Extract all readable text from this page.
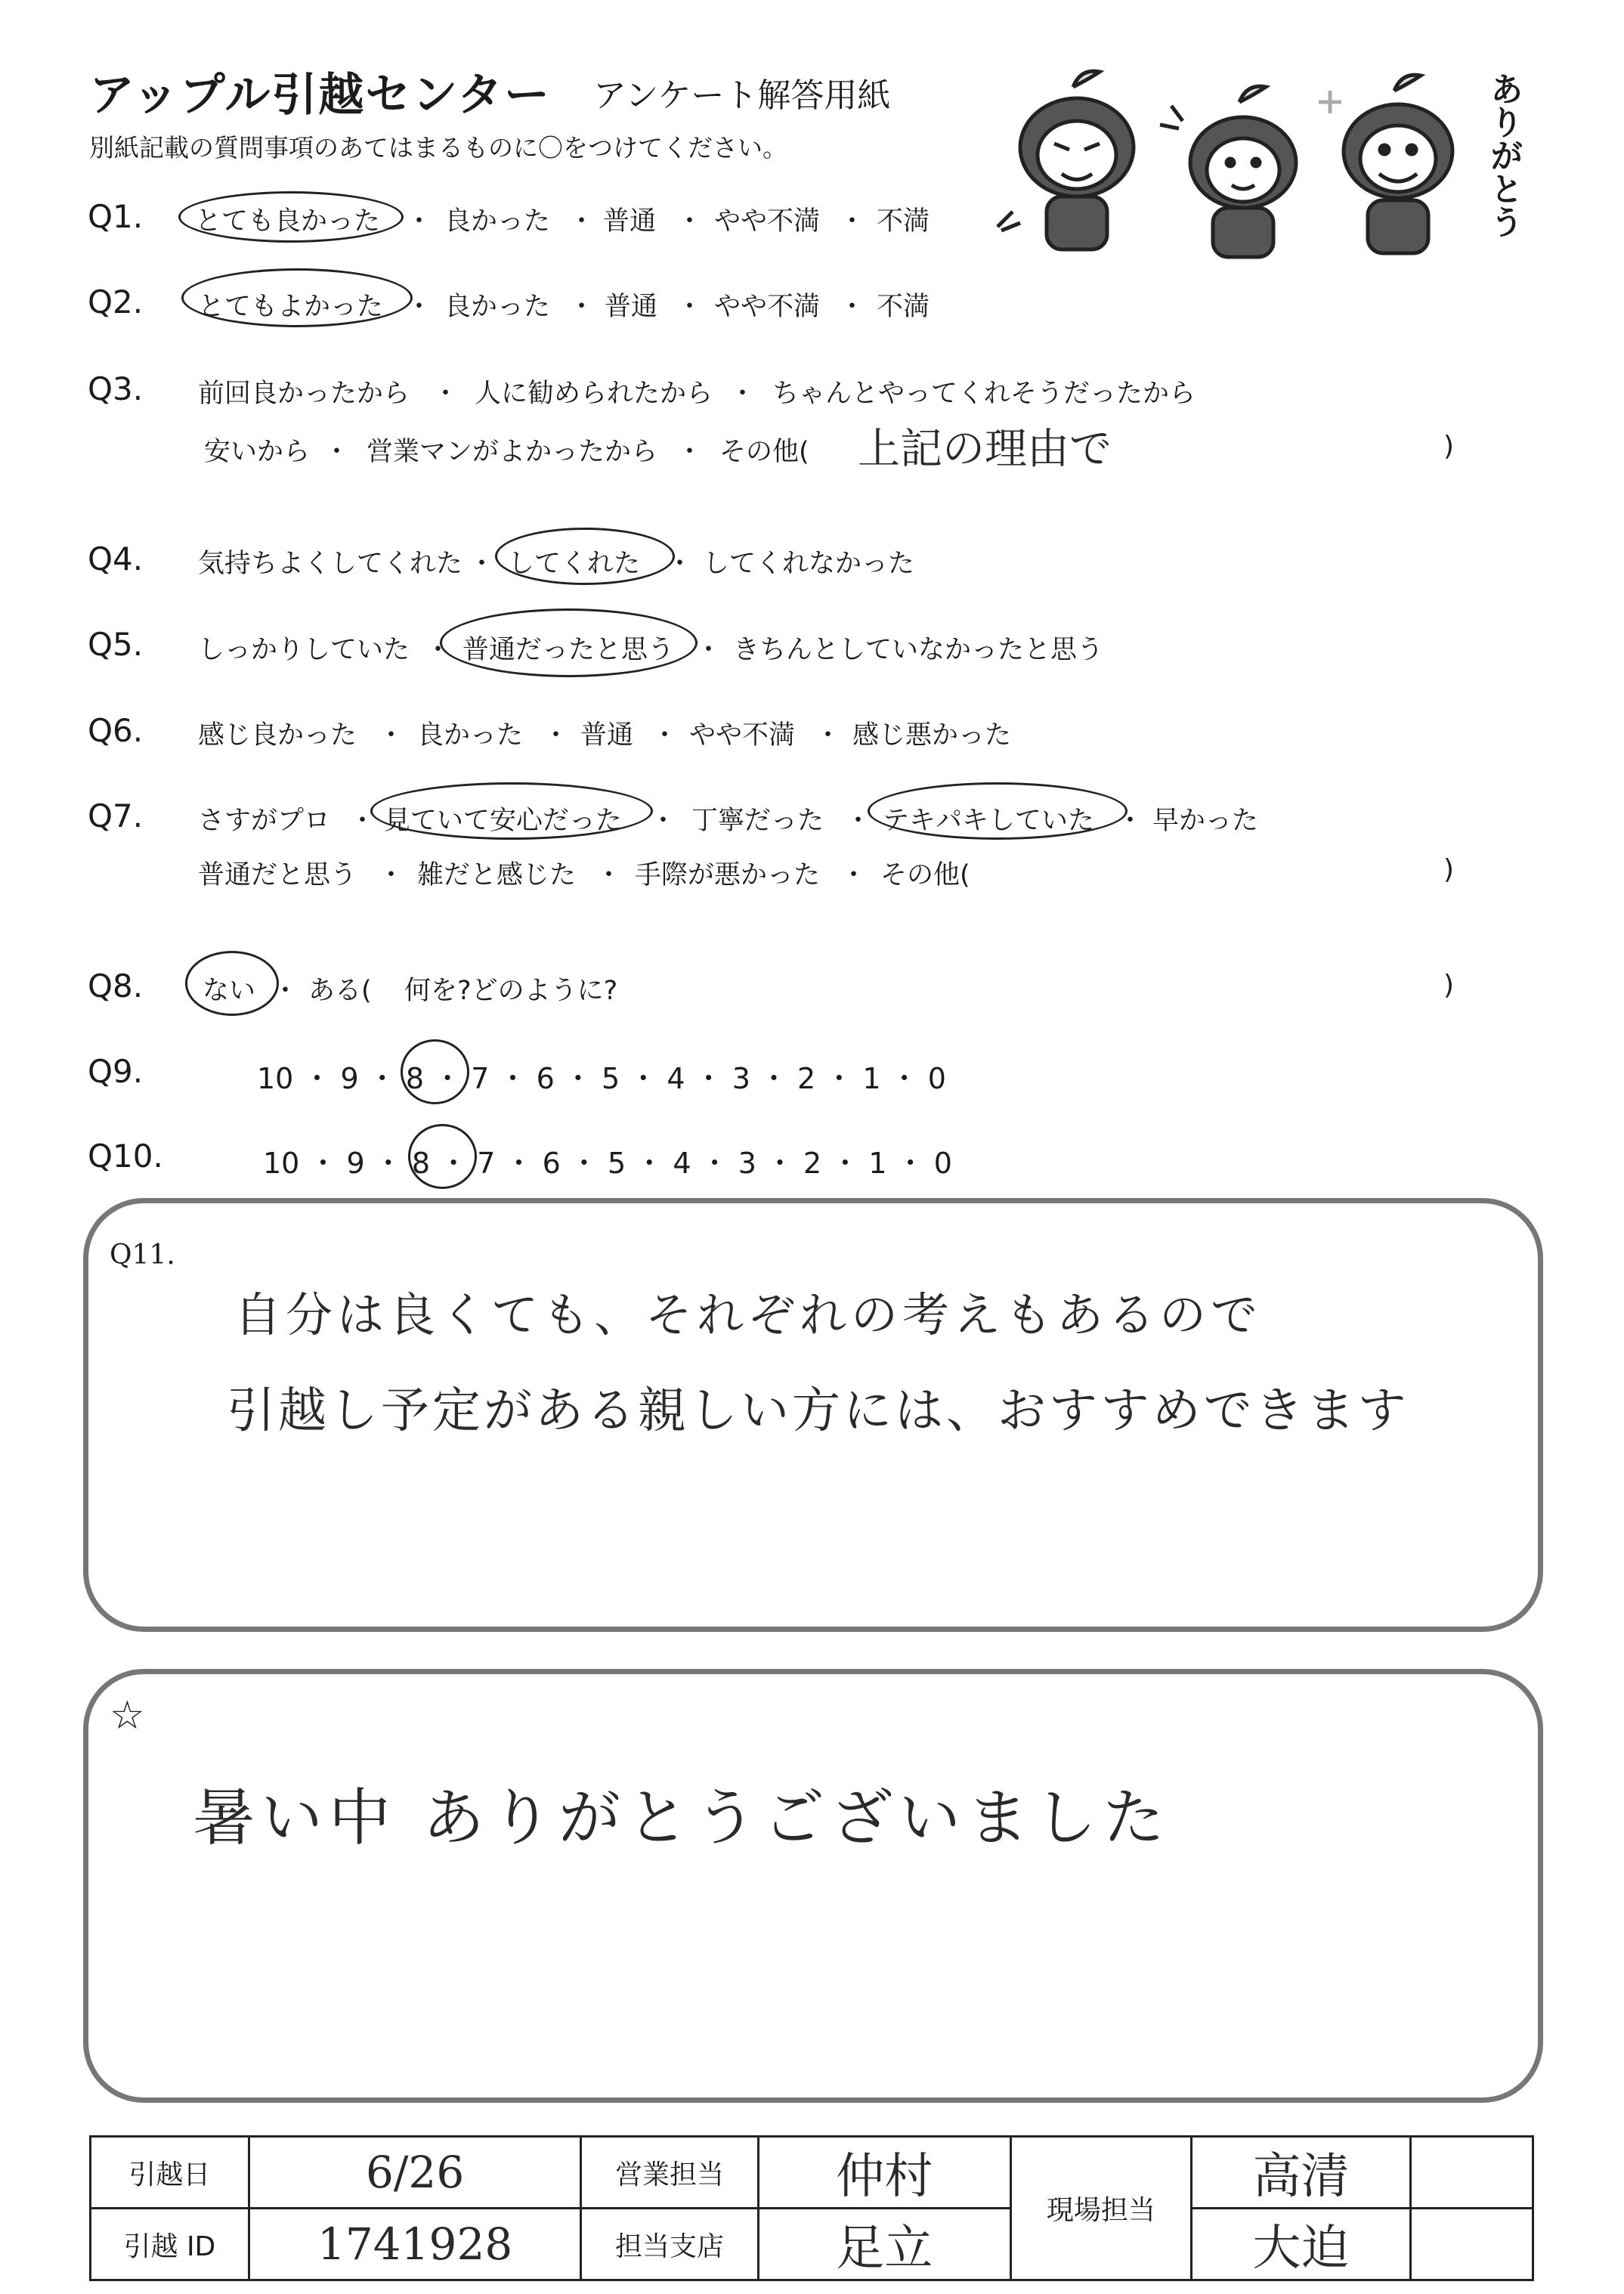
アップル引越センター アンケート解答用紙
別紙記載の質問事項のあてはまるものに〇をつけてください。	ありがとう
Q1. とても良かった ・ 良かった ・ 普通 ・ やや不満 ・ 不満
Q2. とてもよかった ・ 良かった ・ 普通 ・ やや不満 ・ 不満
Q3. 前回良かったから ・ 人に勧められたから ・ ちゃんとやってくれそうだったから
安いから ・ 営業マンがよかったから ・ その他( 上記の理由で	)
Q4. 気持ちよくしてくれた ・ してくれた ・ してくれなかった
Q5. しっかりしていた ・ 普通だったと思う ・ きちんとしていなかったと思う
Q6. 感じ良かった ・ 良かった ・ 普通 ・ やや不満 ・ 感じ悪かった
Q7. さすがプロ ・ 見ていて安心だった ・ 丁寧だった ・ テキパキしていた ・ 早かった
普通だと思う ・ 雑だと感じた ・ 手際が悪かった ・ その他(	)
Q8. ない ・ ある( 何を?どのように?	)
Q9.	10 ・ 9 ・ 8 ・ 7 ・ 6 ・ 5 ・ 4 ・ 3 ・ 2 ・ 1 ・ 0
Q10.	10 ・ 9 ・ 8 ・ 7 ・ 6 ・ 5 ・ 4 ・ 3 ・ 2 ・ 1 ・ 0
Q11.
自分は良くても、それぞれの考えもあるので
引越し予定がある親しい方には、おすすめできます
☆
暑い中 ありがとうございました
引越日	6/26	営業担当	仲村	現場担当	高清	
引越 ID	1741928	担当支店	足立		大迫	
